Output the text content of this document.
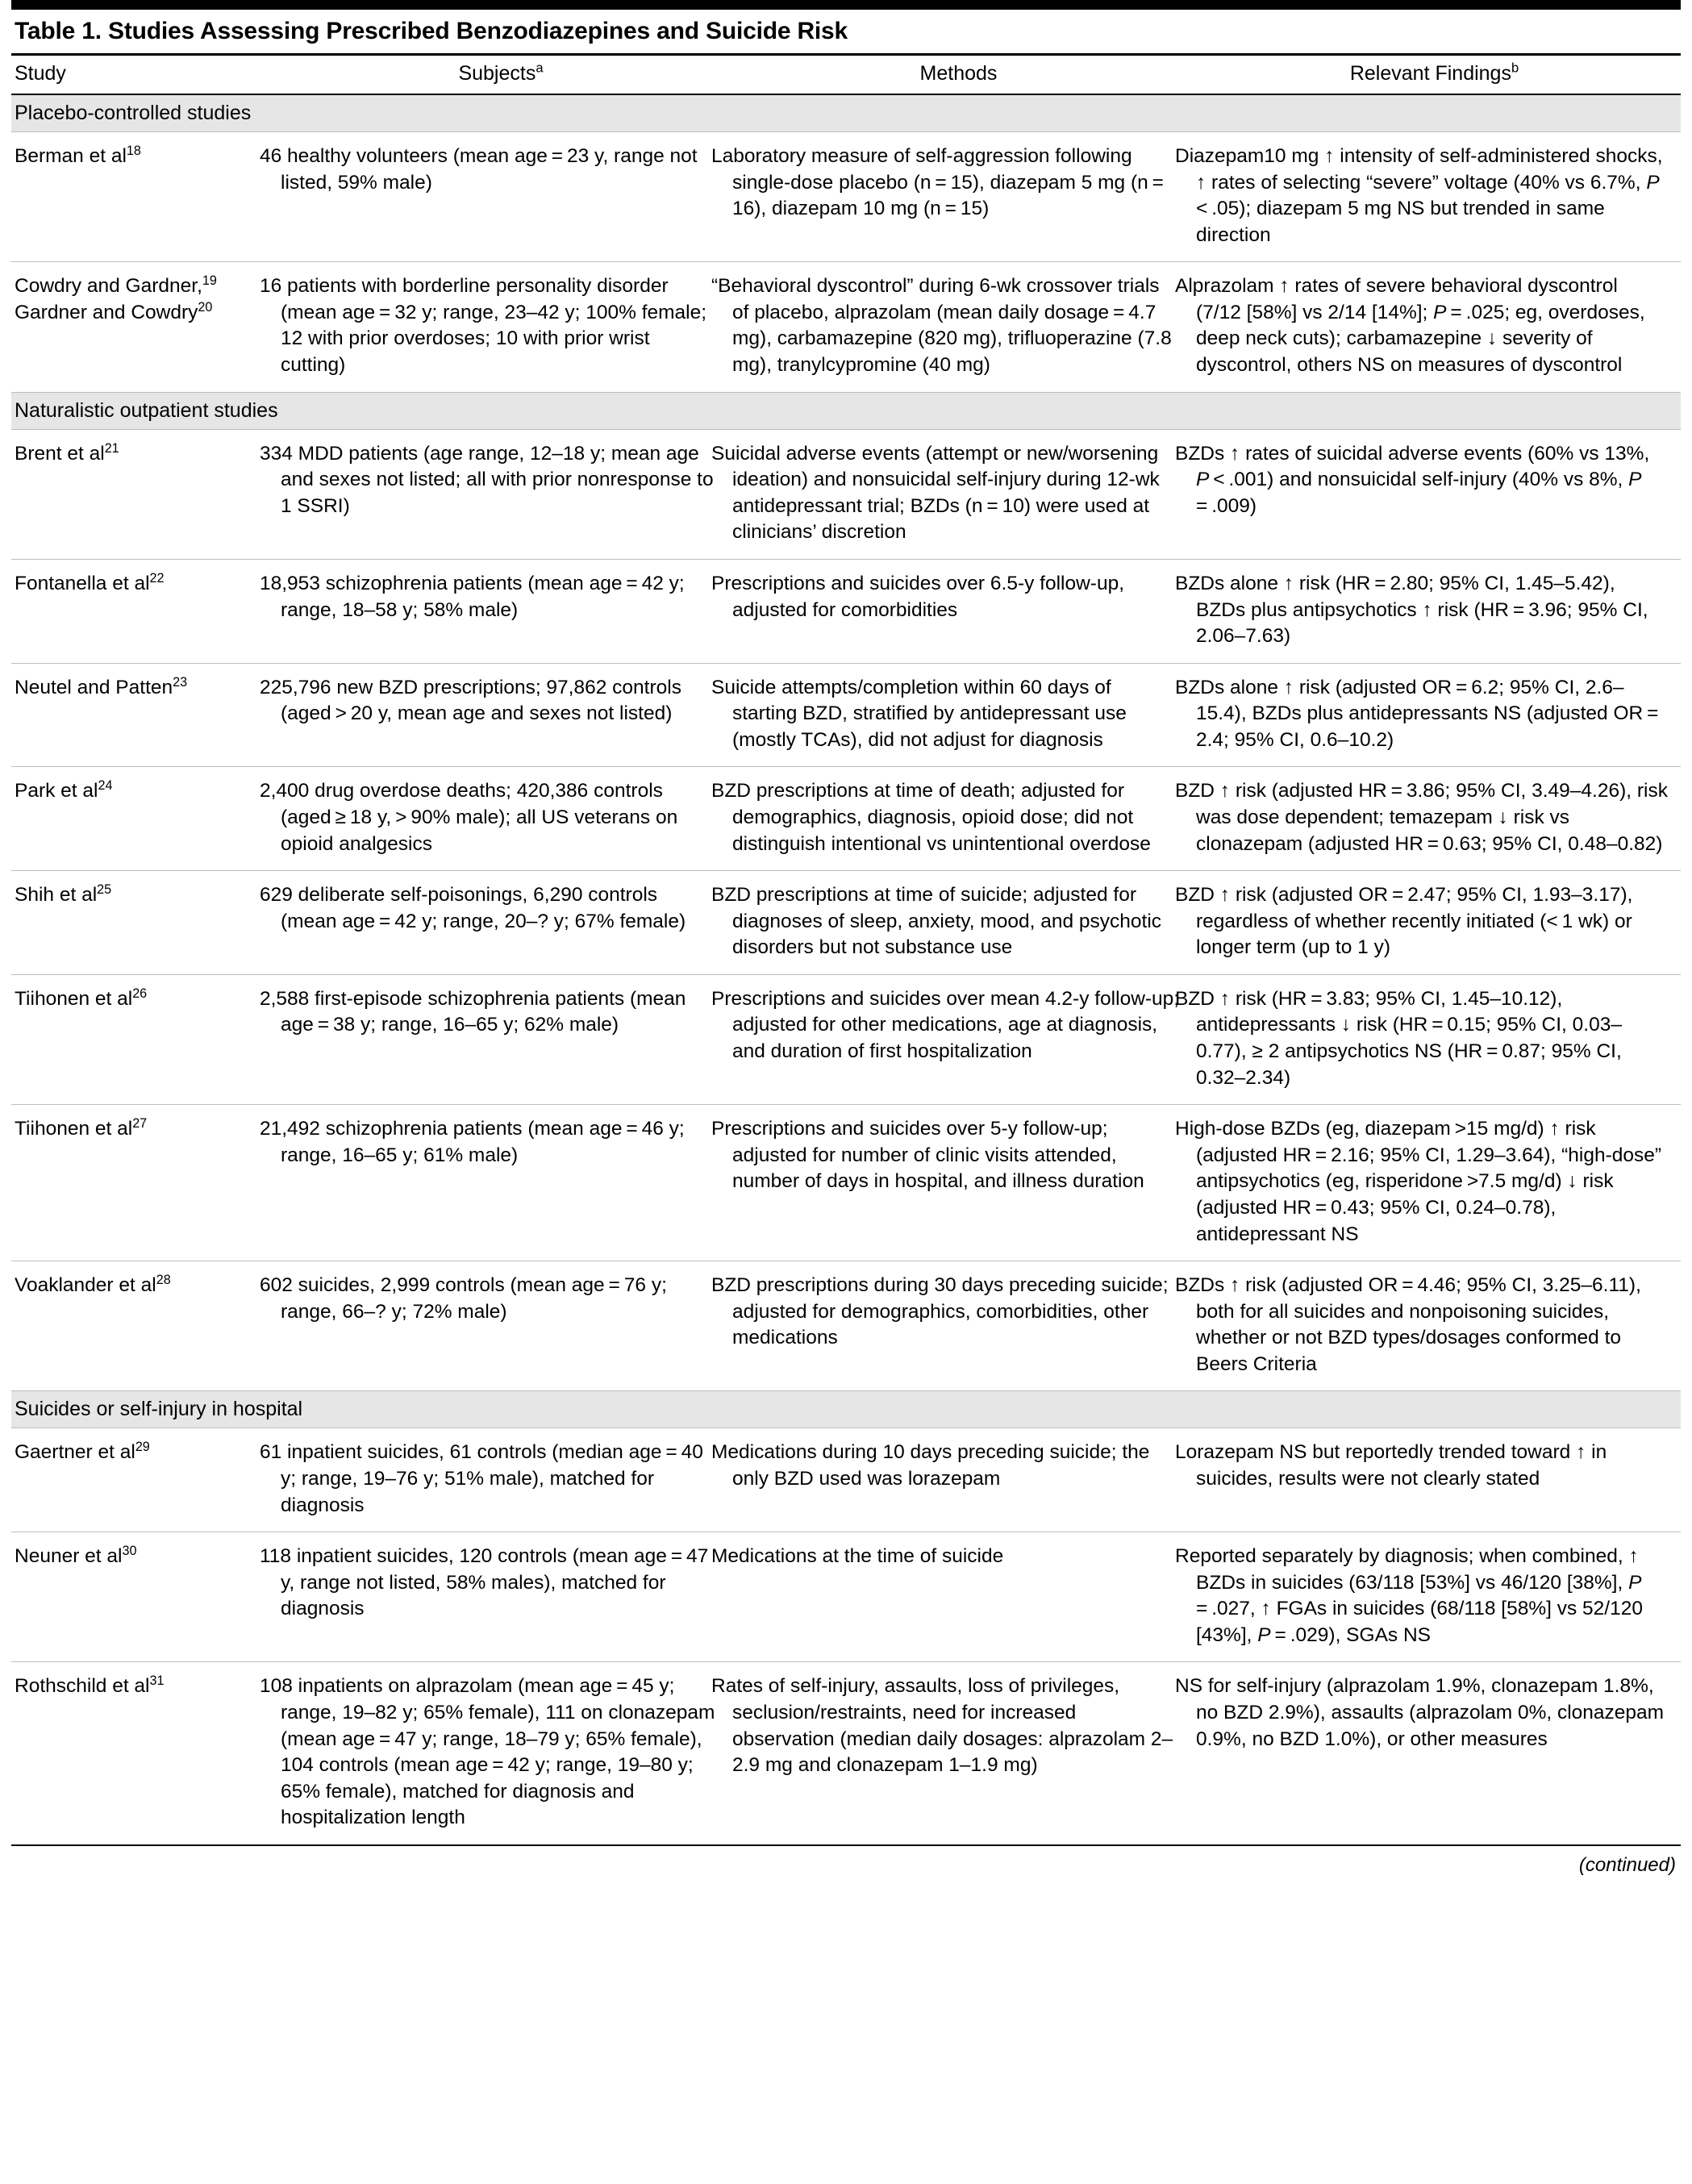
Table 1. Studies Assessing Prescribed Benzodiazepines and Suicide Risk
Study	Subjects$^a$	Methods	Relevant Findings$^b$
Placebo-controlled studies			
Berman et $al^{18}$	46 healthy volunteers (mean age = 23 y, range not listed, 59% male)	Laboratory measure of self-aggression following single-dose placebo (n = 15), diazepam 5 mg (n = 16), diazepam 10 mg (n = 15)	Diazepam10 mg ↑ intensity of self-administered shocks, ↑ rates of selecting “severe” voltage (40% vs 6.7%, P < .05); diazepam 5 mg NS but trended in same direction
Cowdry and Gardner,$^{19}$
Gardner and Cowdry$^{20}$	16 patients with borderline personality disorder (mean age = 32 y; range, 23–42 y; 100% female; 12 with prior overdoses; 10 with prior wrist cutting)	“Behavioral dyscontrol” during 6-wk crossover trials of placebo, alprazolam (mean daily dosage = 4.7 mg), carbamazepine (820 mg), trifluoperazine (7.8 mg), tranylcypromine (40 mg)	Alprazolam ↑ rates of severe behavioral dyscontrol (7/12 [58%] vs 2/14 [14%]; P = .025; eg, overdoses, deep neck cuts); carbamazepine ↓ severity of dyscontrol, others NS on measures of dyscontrol
Naturalistic outpatient studies			
Brent et $al^{21}$	334 MDD patients (age range, 12–18 y; mean age and sexes not listed; all with prior nonresponse to 1 SSRI)	Suicidal adverse events (attempt or new/worsening ideation) and nonsuicidal self-injury during 12-wk antidepressant trial; BZDs (n = 10) were used at clinicians’ discretion	BZDs ↑ rates of suicidal adverse events (60% vs 13%, P < .001) and nonsuicidal self-injury (40% vs 8%, P = .009)
Fontanella et $al^{22}$	18,953 schizophrenia patients (mean age = 42 y; range, 18–58 y; 58% male)	Prescriptions and suicides over 6.5-y follow-up, adjusted for comorbidities	BZDs alone ↑ risk (HR = 2.80; 95% CI, 1.45–5.42), BZDs plus antipsychotics ↑ risk (HR = 3.96; 95% CI, 2.06–7.63)
Neutel and Patten$^{23}$	225,796 new BZD prescriptions; 97,862 controls (aged > 20 y, mean age and sexes not listed)	Suicide attempts/completion within 60 days of starting BZD, stratified by antidepressant use (mostly TCAs), did not adjust for diagnosis	BZDs alone ↑ risk (adjusted OR = 6.2; 95% CI, 2.6–15.4), BZDs plus antidepressants NS (adjusted OR = 2.4; 95% CI, 0.6–10.2)
Park et $al^{24}$	2,400 drug overdose deaths; 420,386 controls (aged ≥ 18 y, > 90% male); all US veterans on opioid analgesics	BZD prescriptions at time of death; adjusted for demographics, diagnosis, opioid dose; did not distinguish intentional vs unintentional overdose	BZD ↑ risk (adjusted HR = 3.86; 95% CI, 3.49–4.26), risk was dose dependent; temazepam ↓ risk vs clonazepam (adjusted HR = 0.63; 95% CI, 0.48–0.82)
Shih et $al^{25}$	629 deliberate self-poisonings, 6,290 controls (mean age = 42 y; range, 20–? y; 67% female)	BZD prescriptions at time of suicide; adjusted for diagnoses of sleep, anxiety, mood, and psychotic disorders but not substance use	BZD ↑ risk (adjusted OR = 2.47; 95% CI, 1.93–3.17), regardless of whether recently initiated (< 1 wk) or longer term (up to 1 y)
Tiihonen et $al^{26}$	2,588 first-episode schizophrenia patients (mean age = 38 y; range, 16–65 y; 62% male)	Prescriptions and suicides over mean 4.2-y follow-up; adjusted for other medications, age at diagnosis, and duration of first hospitalization	BZD ↑ risk (HR = 3.83; 95% CI, 1.45–10.12), antidepressants ↓ risk (HR = 0.15; 95% CI, 0.03–0.77), ≥ 2 antipsychotics NS (HR = 0.87; 95% CI, 0.32–2.34)
Tiihonen et $al^{27}$	21,492 schizophrenia patients (mean age = 46 y; range, 16–65 y; 61% male)	Prescriptions and suicides over 5-y follow-up; adjusted for number of clinic visits attended, number of days in hospital, and illness duration	High-dose BZDs (eg, diazepam >15 mg/d) ↑ risk (adjusted HR = 2.16; 95% CI, 1.29–3.64), “high-dose” antipsychotics (eg, risperidone >7.5 mg/d) ↓ risk (adjusted HR = 0.43; 95% CI, 0.24–0.78), antidepressant NS
Voaklander et $al^{28}$	602 suicides, 2,999 controls (mean age = 76 y; range, 66–? y; 72% male)	BZD prescriptions during 30 days preceding suicide; adjusted for demographics, comorbidities, other medications	BZDs ↑ risk (adjusted OR = 4.46; 95% CI, 3.25–6.11), both for all suicides and nonpoisoning suicides, whether or not BZD types/dosages conformed to Beers Criteria
Suicides or self-injury in hospital			
Gaertner et $al^{29}$	61 inpatient suicides, 61 controls (median age = 40 y; range, 19–76 y; 51% male), matched for diagnosis	Medications during 10 days preceding suicide; the only BZD used was lorazepam	Lorazepam NS but reportedly trended toward ↑ in suicides, results were not clearly stated
Neuner et $al^{30}$	118 inpatient suicides, 120 controls (mean age = 47 y, range not listed, 58% males), matched for diagnosis	Medications at the time of suicide	Reported separately by diagnosis; when combined, ↑ BZDs in suicides (63/118 [53%] vs 46/120 [38%], P = .027, ↑ FGAs in suicides (68/118 [58%] vs 52/120 [43%], P = .029), SGAs NS
Rothschild et $al^{31}$	108 inpatients on alprazolam (mean age = 45 y; range, 19–82 y; 65% female), 111 on clonazepam (mean age = 47 y; range, 18–79 y; 65% female), 104 controls (mean age = 42 y; range, 19–80 y; 65% female), matched for diagnosis and hospitalization length	Rates of self-injury, assaults, loss of privileges, seclusion/restraints, need for increased observation (median daily dosages: alprazolam 2–2.9 mg and clonazepam 1–1.9 mg)	NS for self-injury (alprazolam 1.9%, clonazepam 1.8%, no BZD 2.9%), assaults (alprazolam 0%, clonazepam 0.9%, no BZD 1.0%), or other measures
(continued)
